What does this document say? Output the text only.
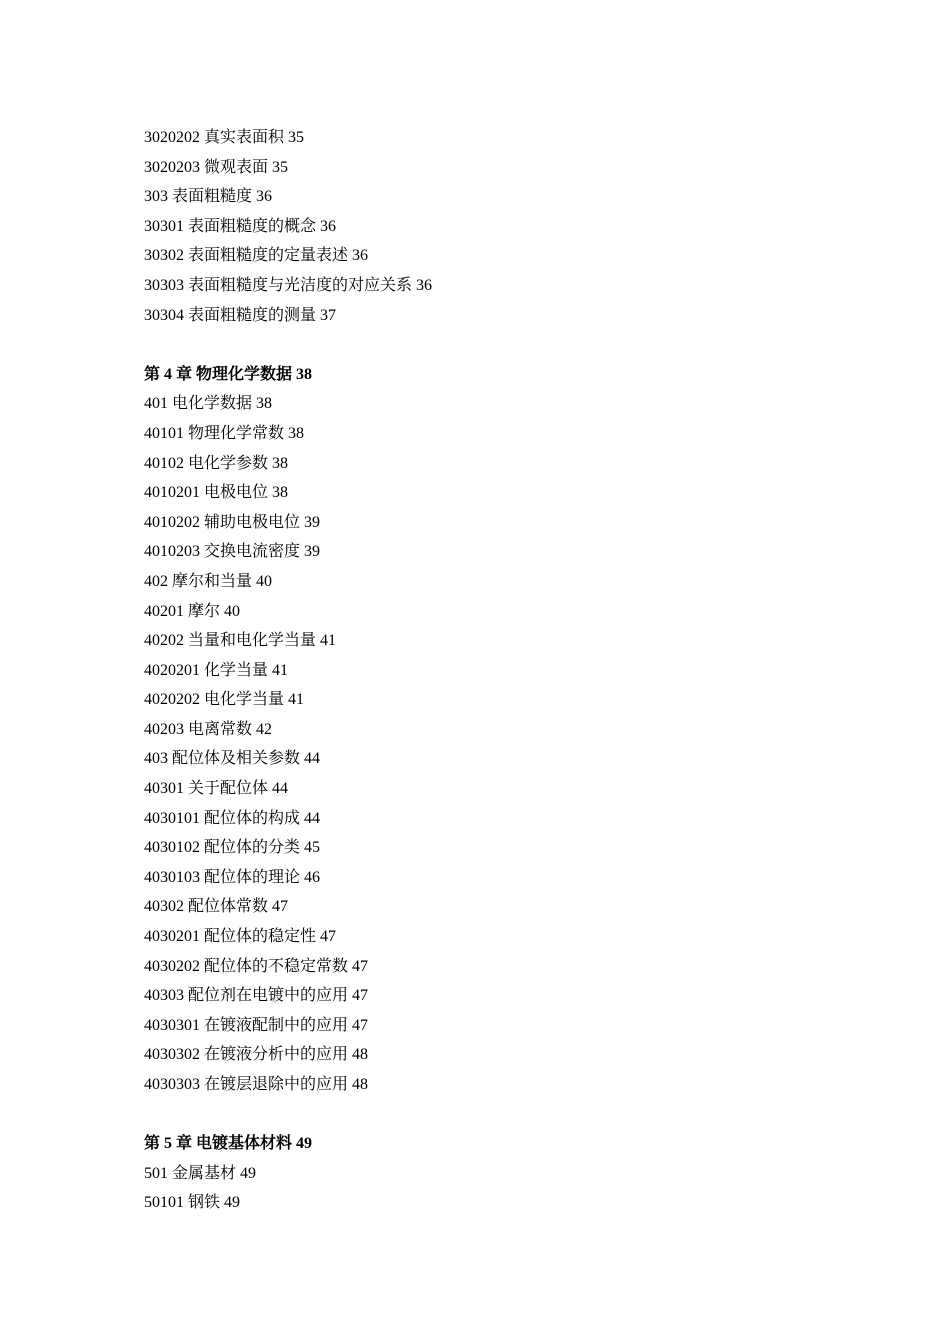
3020202 真实表面积 35
3020203 微观表面 35
303 表面粗糙度 36
30301 表面粗糙度的概念 36
30302 表面粗糙度的定量表述 36
30303 表面粗糙度与光洁度的对应关系 36
30304 表面粗糙度的测量 37
第 4 章 物理化学数据 38
401 电化学数据 38
40101 物理化学常数 38
40102 电化学参数 38
4010201 电极电位 38
4010202 辅助电极电位 39
4010203 交换电流密度 39
402 摩尔和当量 40
40201 摩尔 40
40202 当量和电化学当量 41
4020201 化学当量 41
4020202 电化学当量 41
40203 电离常数 42
403 配位体及相关参数 44
40301 关于配位体 44
4030101 配位体的构成 44
4030102 配位体的分类 45
4030103 配位体的理论 46
40302 配位体常数 47
4030201 配位体的稳定性 47
4030202 配位体的不稳定常数 47
40303 配位剂在电镀中的应用 47
4030301 在镀液配制中的应用 47
4030302 在镀液分析中的应用 48
4030303 在镀层退除中的应用 48
第 5 章 电镀基体材料 49
501 金属基材 49
50101 钢铁 49
